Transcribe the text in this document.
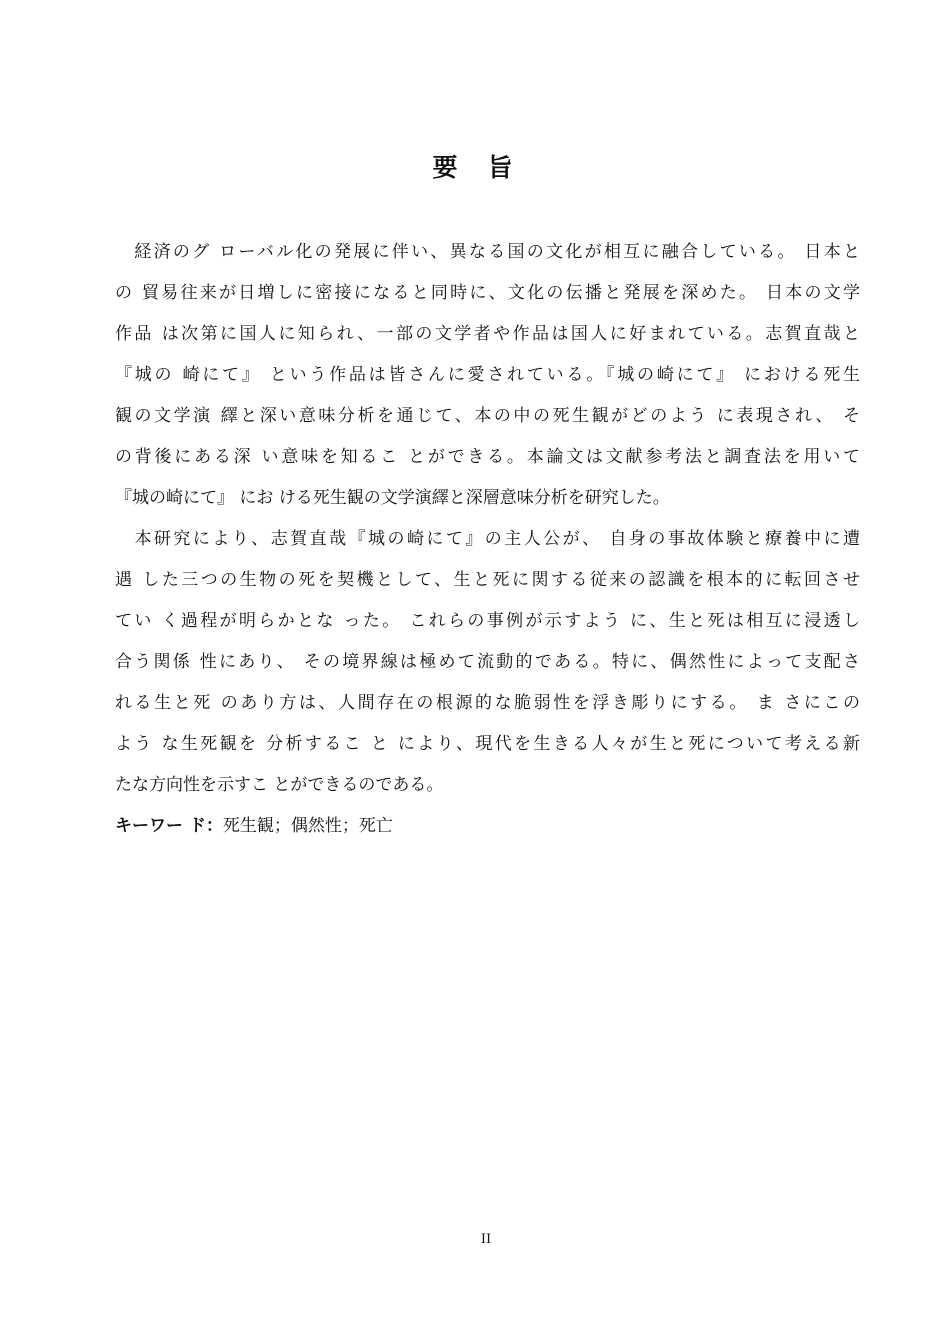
要旨

　経済のグ ローバル化の発展に伴い、異なる国の文化が相互に融合している。 日本と
の 貿易往来が日増しに密接になると同時に、文化の伝播と発展を深めた。 日本の文学
作品 は次第に国人に知られ、一部の文学者や作品は国人に好まれている。志賀直哉と
『城の 崎にて』 という作品は皆さんに愛されている。『城の崎にて』 における死生
観の文学演 繹と深い意味分析を通じて、本の中の死生観がどのよう に表現され、 そ
の背後にある深 い意味を知るこ とができる。本論文は文献参考法と調査法を用いて
『城の崎にて』 にお ける死生観の文学演繹と深層意味分析を研究した。

　本研究により、志賀直哉『城の崎にて』の主人公が、 自身の事故体験と療養中に遭
遇 した三つの生物の死を契機として、生と死に関する従来の認識を根本的に転回させ
てい く過程が明らかとな った。 これらの事例が示すよう に、生と死は相互に浸透し
合う関係 性にあり、 その境界線は極めて流動的である。特に、偶然性によって支配さ
れる生と死 のあり方は、人間存在の根源的な脆弱性を浮き彫りにする。 ま さにこの
よう な生死観を 分析するこ と により、現代を生きる人々が生と死について考える新
たな方向性を示すこ とができるのである。

キーワー ド：死生観；偶然性；死亡

II
